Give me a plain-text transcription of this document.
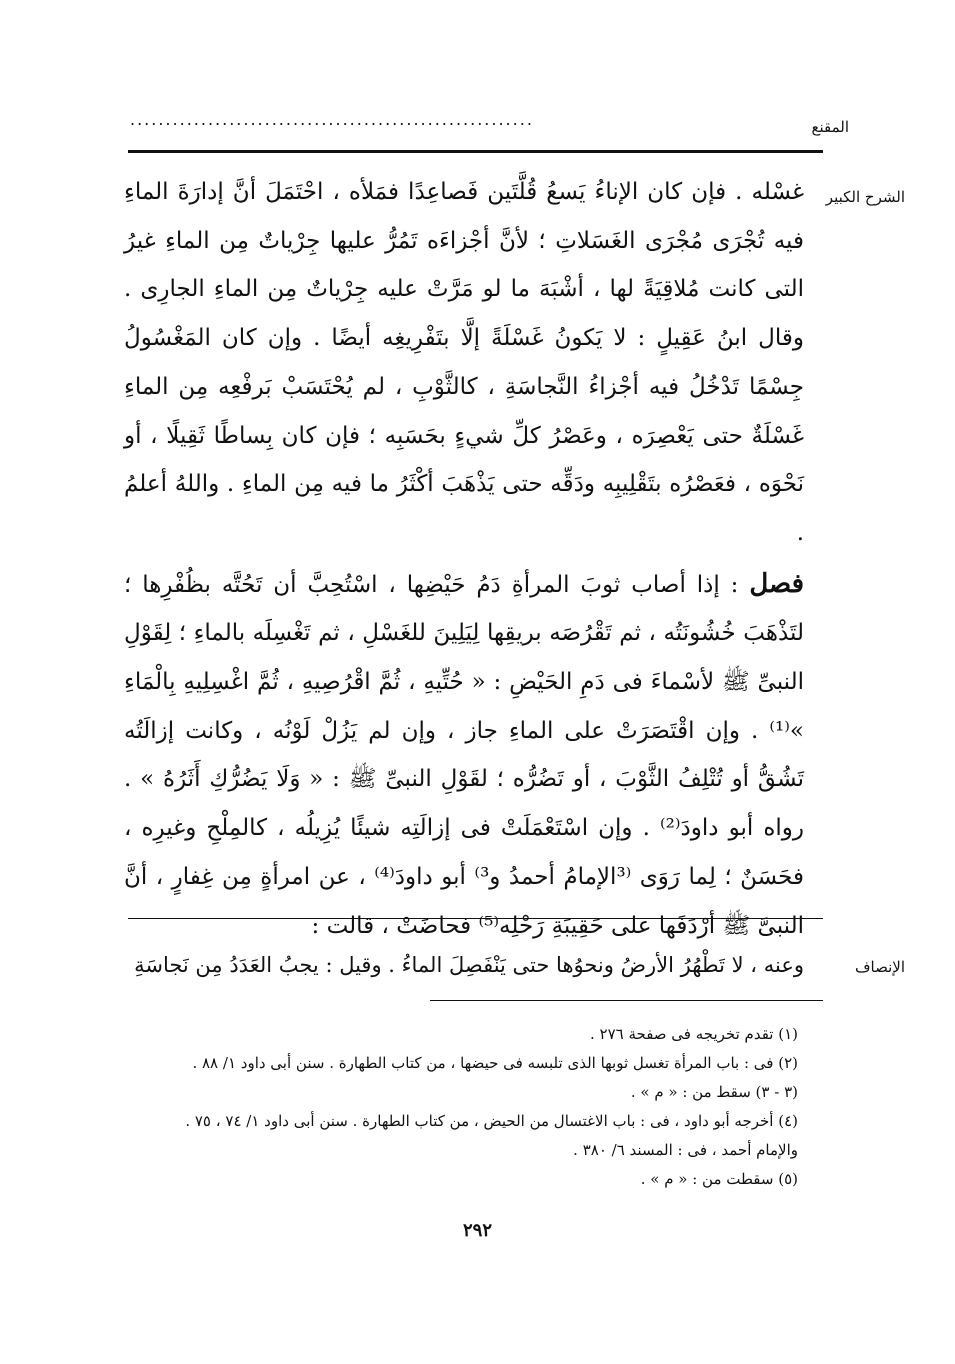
المقنع
.........................................................
الشرح الكبير

غسْله . فإن كان الإناءُ يَسعُ قُلَّتَين فَصاعِدًا فمَلأه ، احْتَمَلَ أنَّ إدارَةَ الماءِ فيه تُجْرَى مُجْرَى الغَسَلاتِ ؛ لأنَّ أجْزاءَه تَمُرُّ عليها جِرْياتٌ مِن الماءِ غيرُ التى كانت مُلاقِيَةً لها ، أشْبَهَ ما لو مَرَّتْ عليه جِرْياتٌ مِن الماءِ الجارِى . وقال ابنُ عَقِيلٍ : لا يَكونُ غَسْلَةً إلَّا بتَفْرِيغِه أيضًا . وإن كان المَغْسُولُ جِسْمًا تَدْخُلُ فيه أجْزاءُ النَّجاسَةِ ، كالثَّوْبِ ، لم يُحْتَسَبْ بَرفْعِه مِن الماءِ غَسْلَةٌ حتى يَعْصِرَه ، وعَصْرُ كلِّ شيءٍ بحَسَبِه ؛ فإن كان بِساطًا ثَقِيلًا ، أو نَحْوَه ، فعَصْرُه بتَقْلِيبِه ودَقِّه حتى يَذْهَبَ أكْثَرُ ما فيه مِن الماءِ . واللهُ أعلمُ .

فصل : إذا أصاب ثوبَ المرأةِ دَمُ حَيْضِها ، اسْتُحِبَّ أن تَحُتَّه بظُفْرِها ؛ لتَذْهَبَ خُشُونَتُه ، ثم تَقْرُصَه بريقِها لِيَلِينَ للغَسْلِ ، ثم تَغْسِلَه بالماءِ ؛ لِقَوْلِ النبىِّ ﷺ لأسْماءَ فى دَمِ الحَيْضِ : « حُتِّيهِ ، ثُمَّ اقْرُصِيهِ ، ثُمَّ اغْسِلِيهِ بِالْمَاءِ »⁽¹⁾ . وإن اقْتَصَرَتْ على الماءِ جاز ، وإن لم يَزُلْ لَوْنُه ، وكانت إزالَتُه تَشُقُّ أو تُتْلِفُ الثَّوْبَ ، أو تَضُرُّه ؛ لقَوْلِ النبىِّ ﷺ : « وَلَا يَضُرُّكِ أَثَرُهُ » . رواه أبو داودَ⁽²⁾ . وإن اسْتَعْمَلَتْ فى إزالَتِه شيئًا يُزِيلُه ، كالمِلْحِ وغيرِه ، فحَسَنٌ ؛ لِما رَوَى ⁽³الإمامُ أحمدُ و³⁾ أبو داودَ⁽⁴⁾ ، عن امرأةٍ مِن غِفارٍ ، أنَّ النبىَّ ﷺ أرْدَفَها على حَقِيبَةِ رَحْلِه⁽⁵⁾ فحاضَتْ ، قالت :

الإنصاف

وعنه ، لا تَطْهُرُ الأرضُ ونحوُها حتى يَنْفَصِلَ الماءُ . وقيل : يجبُ العَدَدُ مِن نَجاسَةِ

(١) تقدم تخريجه فى صفحة ٢٧٦ .

(٢) فى : باب المرأة تغسل ثوبها الذى تلبسه فى حيضها ، من كتاب الطهارة . سنن أبى داود ١/ ٨٨ .

(٣ - ٣) سقط من : « م » .

(٤) أخرجه أبو داود ، فى : باب الاغتسال من الحيض ، من كتاب الطهارة . سنن أبى داود ١/ ٧٤ ، ٧٥ .

والإمام أحمد ، فى : المسند ٦/ ٣٨٠ .

(٥) سقطت من : « م » .

٢٩٢
